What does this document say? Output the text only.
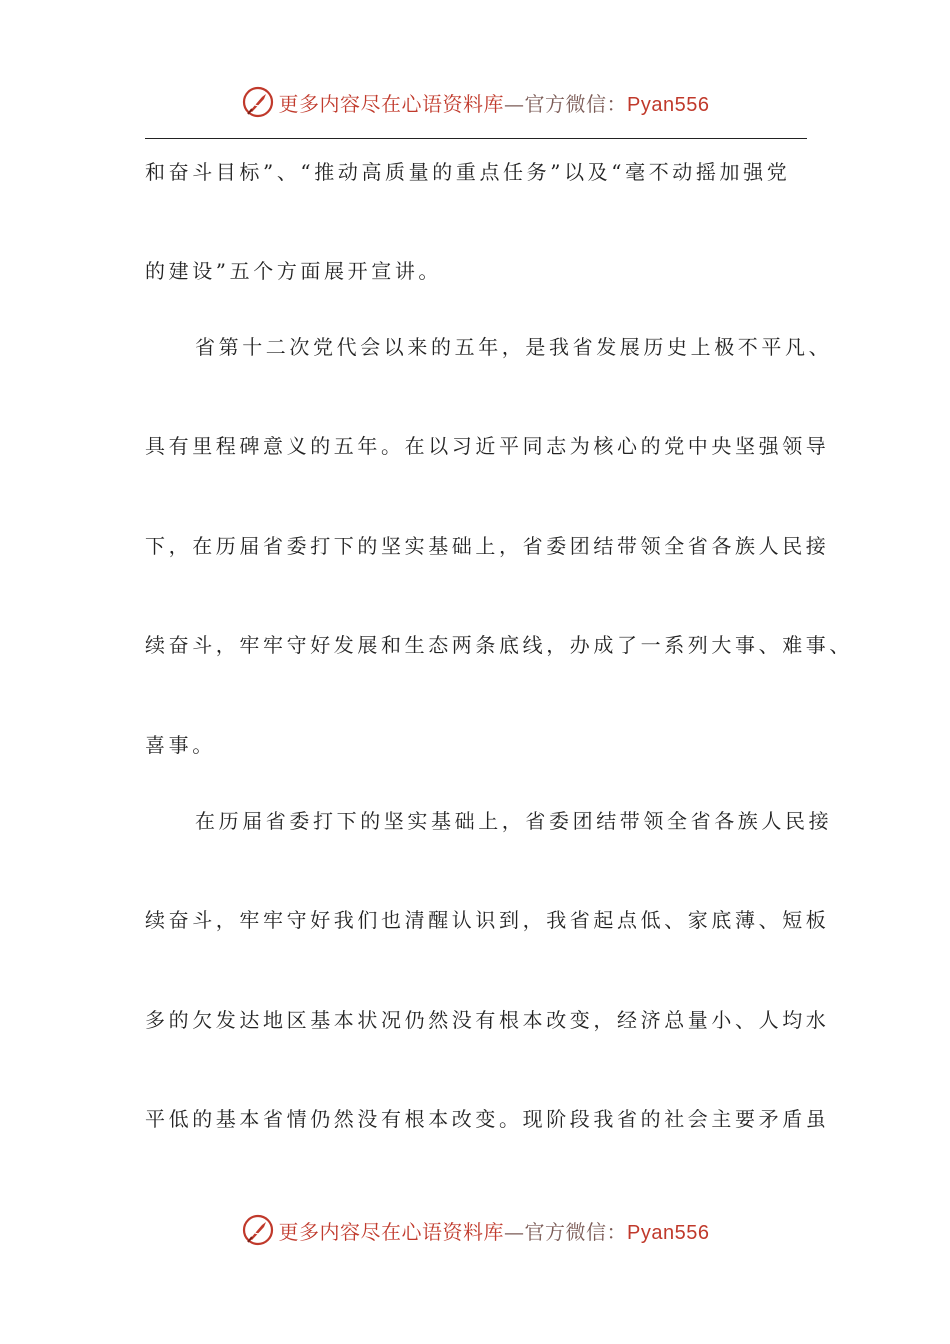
更多内容尽在心语资料库—官方微信：Pyan556
和奋斗目标”、“推动高质量的重点任务”以及“毫不动摇加强党
的建设”五个方面展开宣讲。
省第十二次党代会以来的五年，是我省发展历史上极不平凡、
具有里程碑意义的五年。在以习近平同志为核心的党中央坚强领导
下，在历届省委打下的坚实基础上，省委团结带领全省各族人民接
续奋斗，牢牢守好发展和生态两条底线，办成了一系列大事、难事、
喜事。
在历届省委打下的坚实基础上，省委团结带领全省各族人民接
续奋斗，牢牢守好我们也清醒认识到，我省起点低、家底薄、短板
多的欠发达地区基本状况仍然没有根本改变，经济总量小、人均水
平低的基本省情仍然没有根本改变。现阶段我省的社会主要矛盾虽
更多内容尽在心语资料库—官方微信：Pyan556
